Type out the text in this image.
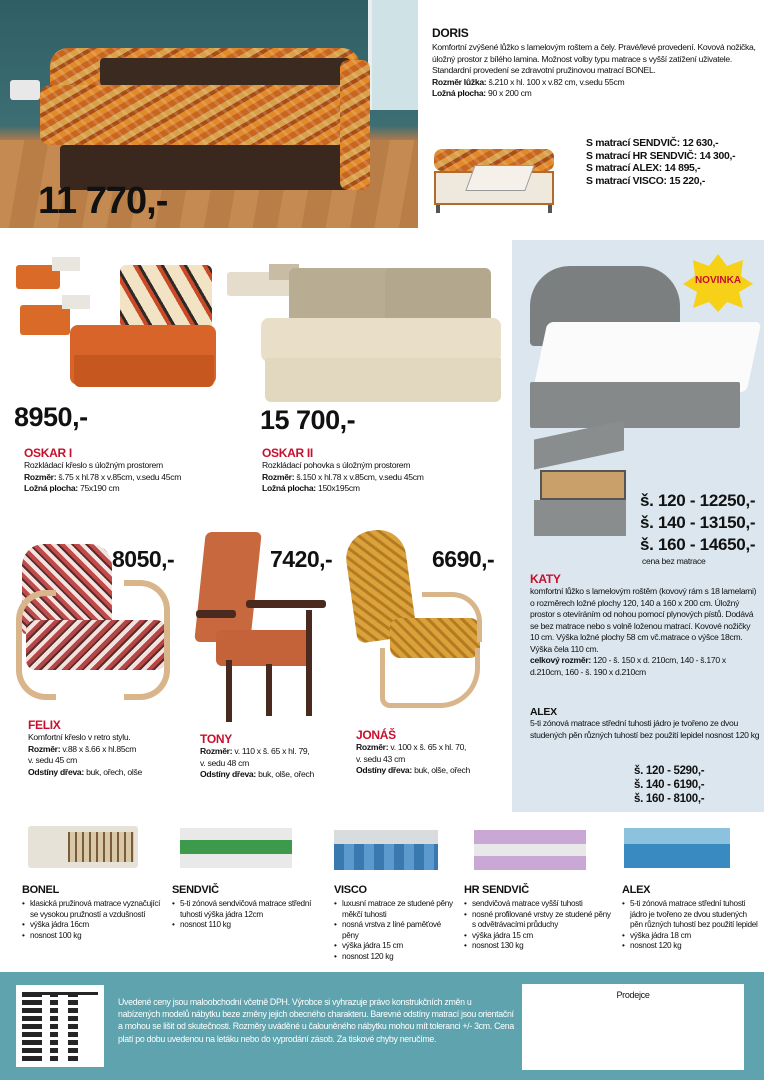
11 770,-
DORIS
Komfortní zvýšené lůžko s lamelovým roštem a čely. Pravé/levé provedení. Kovová nožička, úložný prostor z bílého lamina. Možnost volby typu matrace s vyšší zatížení uživatele. Standardní provedení se zdravotní pružinovou matrací BONEL.
Rozměr lůžka: š.210 x hl. 100 x v.82 cm, v.sedu 55cm
Ložná plocha: 90 x 200 cm
S matrací SENDVIČ: 12 630,-
S matrací HR SENDVIČ: 14 300,-
S matrací ALEX: 14 895,-
S matrací VISCO: 15 220,-
8950,-
OSKAR I
Rozkládací křeslo s úložným prostorem
Rozměr: š.75 x hl.78 x v.85cm, v.sedu 45cm
Ložná plocha: 75x190 cm
15 700,-
OSKAR II
Rozkládací pohovka s úložným prostorem
Rozměr: š.150 x hl.78 x v.85cm, v.sedu 45cm
Ložná plocha: 150x195cm
NOVINKA
š. 120 - 12250,-
š. 140 - 13150,-
š. 160 - 14650,-
cena bez matrace
KATY
komfortní lůžko s lamelovým roštěm (kovový rám s 18 lamelami) o rozměrech ložné plochy 120, 140 a 160 x 200 cm. Úložný prostor s otevíráním od nohou pomocí plynových pístů. Dodává se bez matrace nebo s volně loženou matrací. Kovové nožičky 10 cm. Výška ložné plochy 58 cm vč.matrace o výšce 18cm. Výška čela 110 cm.
celkový rozměr: 120 - š. 150 x d. 210cm, 140 - š.170 x d.210cm, 160 - š. 190 x d.210cm
ALEX
5-ti zónová matrace střední tuhosti jádro je tvořeno ze dvou studených pěn různých tuhostí bez použití lepidel nosnost 120 kg
š. 120 - 5290,-
š. 140 - 6190,-
š. 160 - 8100,-
8050,-
FELIX
Komfortní křeslo v retro stylu.
Rozměr: v.88 x š.66 x hl.85cm
v. sedu 45 cm
Odstíny dřeva: buk, ořech, olše
7420,-
TONY
Rozměr: v. 110 x š. 65 x hl. 79,
v. sedu 48 cm
Odstíny dřeva: buk, olše, ořech
6690,-
JONÁŠ
Rozměr: v. 100 x š. 65 x hl. 70,
v. sedu 43 cm
Odstíny dřeva: buk, olše, ořech
BONEL
• klasická pružinová matrace vyznačující se vysokou pružností a vzdušností
• výška jádra 16cm
• nosnost 100 kg
SENDVIČ
• 5-ti zónová sendvičová matrace střední tuhosti výška jádra 12cm
• nosnost 110 kg
VISCO
• luxusní matrace ze studené pěny měkčí tuhosti
• nosná vrstva z líné paměťové pěny
• výška jádra 15 cm
• nosnost 120 kg
HR SENDVIČ
• sendvičová matrace vyšší tuhosti
• nosné profilované vrstvy ze studené pěny s odvětrávacími průduchy
• výška jádra 15 cm
• nosnost 130 kg
ALEX
• 5-ti zónová matrace střední tuhosti jádro je tvořeno ze dvou studených pěn různých tuhostí bez použití lepidel
• výška jádra 18 cm
• nosnost 120 kg
Uvedené ceny jsou maloobchodní včetně DPH. Výrobce si vyhrazuje právo konstrukčních změn u nabízených modelů nábytku beze změny jejich obecného charakteru. Barevné odstíny matrací jsou orientační a mohou se lišit od skutečnosti. Rozměry uváděné u čalouněného nábytku mohou mít toleranci +/- 3cm. Cena platí po dobu uvedenou na letáku nebo do vyprodání zásob. Za tiskové chyby neručíme.
Prodejce
